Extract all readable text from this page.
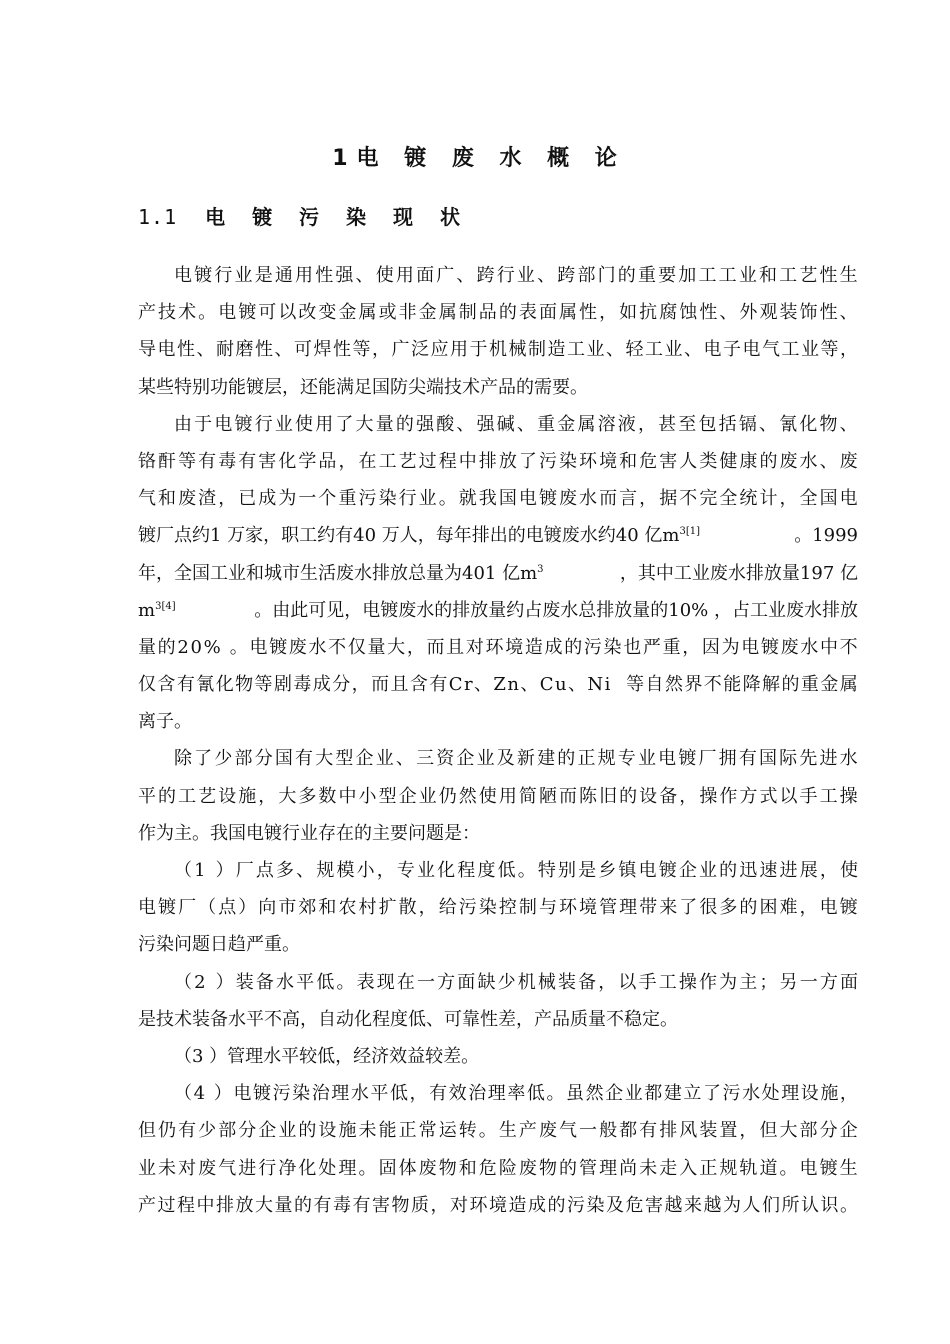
1电 镀 废 水 概 论
1.1 电 镀 污 染 现 状
电 镀 行 业 是 通 用 性 强 、 使 用 面 广 、 跨 行 业 、 跨 部 门 的 重 要 加 工 工 业 和 工 艺 性 生
产 技 术 。 电 镀 可 以 改 变 金 属 或 非 金 属 制 品 的 表 面 属 性 ， 如 抗 腐 蚀 性 、 外 观 装 饰 性 、
导 电 性 、 耐 磨 性 、 可 焊 性 等 ， 广 泛 应 用 于 机 械 制 造 工 业 、 轻 工 业 、 电 子 电 气 工 业 等 ，
某些特别功能镀层，还能满足国防尖端技术产品的需要。
由 于 电 镀 行 业 使 用 了 大 量 的 强 酸 、 强 碱 、 重 金 属 溶 液 ， 甚 至 包 括 镉 、 氰 化 物 、
铬 酐 等 有 毒 有 害 化 学 品 ， 在 工 艺 过 程 中 排 放 了 污 染 环 境 和 危 害 人 类 健 康 的 废 水 、 废
气 和 废 渣 ， 已 成 为 一 个 重 污 染 行 业 。 就 我 国 电 镀 废 水 而 言 ， 据 不 完 全 统 计 ， 全 国 电
镀厂点约1 万家，职工约有40 万人，每年排出的电镀废水约40 亿$m^{3[1]}$	。1999
年，全国工业和城市生活废水排放总量为401 亿$m^3$	，其中工业废水排放量197 亿
$m^{3[4]}$	。由此可见，电镀废水的排放量约占废水总排放量的10% ，占工业废水排放
量 的 2 0 %
。 电 镀 废 水 不 仅 量 大 ， 而 且 对 环 境 造 成 的 污 染 也 严 重 ， 因 为 电 镀 废 水 中 不
仅 含 有 氰 化 物 等 剧 毒 成 分 ， 而 且 含 有 C r 、 Z n 、 C u 、 N i

等 自 然 界 不 能 降 解 的 重 金 属
离子。
除 了 少 部 分 国 有 大 型 企 业 、 三 资 企 业 及 新 建 的 正 规 专 业 电 镀 厂 拥 有 国 际 先 进 水
平 的 工 艺 设 施 ， 大 多 数 中 小 型 企 业 仍 然 使 用 简 陋 而 陈 旧 的 设 备 ， 操 作 方 式 以 手 工 操
作为主。我国电镀行业存在的主要问题是：
（ 1
） 厂 点 多 、 规 模 小 ， 专 业 化 程 度 低 。 特 别 是 乡 镇 电 镀 企 业 的 迅 速 进 展 ， 使
电 镀 厂 （ 点 ） 向 市 郊 和 农 村 扩 散 ， 给 污 染 控 制 与 环 境 管 理 带 来 了 很 多 的 困 难 ， 电 镀
污染问题日趋严重。
（ 2
） 装 备 水 平 低 。 表 现 在 一 方 面 缺 少 机 械 装 备 ， 以 手 工 操 作 为 主 ； 另 一 方 面
是技术装备水平不高，自动化程度低、可靠性差，产品质量不稳定。
（3 ）管理水平较低，经济效益较差。
（ 4
） 电 镀 污 染 治 理 水 平 低 ， 有 效 治 理 率 低 。 虽 然 企 业 都 建 立 了 污 水 处 理 设 施 ，
但 仍 有 少 部 分 企 业 的 设 施 未 能 正 常 运 转 。 生 产 废 气 一 般 都 有 排 风 装 置 ， 但 大 部 分 企
业 未 对 废 气 进 行 净 化 处 理 。 固 体 废 物 和 危 险 废 物 的 管 理 尚 未 走 入 正 规 轨 道 。 电 镀 生
产 过 程 中 排 放 大 量 的 有 毒 有 害 物 质 ， 对 环 境 造 成 的 污 染 及 危 害 越 来 越 为 人 们 所 认 识 。
